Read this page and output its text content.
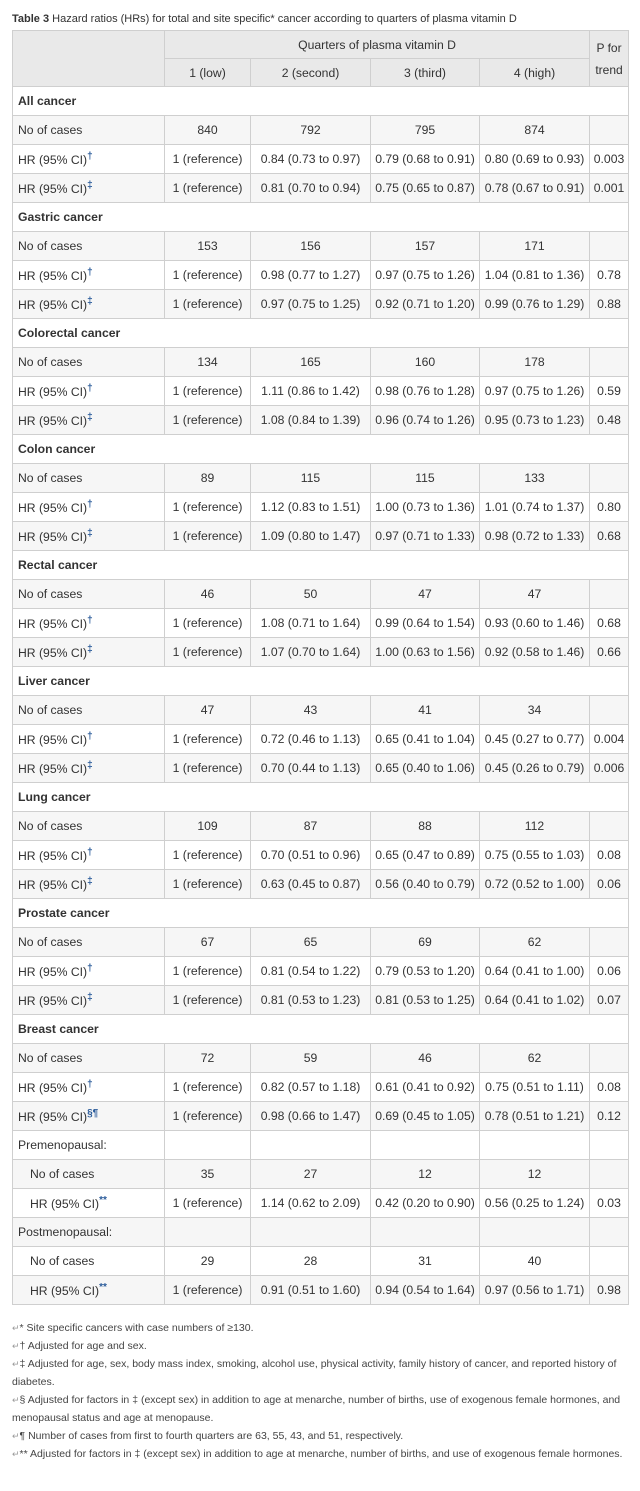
Table 3 Hazard ratios (HRs) for total and site specific* cancer according to quarters of plasma vitamin D
	Quarters of plasma vitamin D				P for trend
	1 (low)	2 (second)	3 (third)	4 (high)	
All cancer					
No of cases	840	792	795	874	
HR (95% CI)†	1 (reference)	0.84 (0.73 to 0.97)	0.79 (0.68 to 0.91)	0.80 (0.69 to 0.93)	0.003
HR (95% CI)‡	1 (reference)	0.81 (0.70 to 0.94)	0.75 (0.65 to 0.87)	0.78 (0.67 to 0.91)	0.001
Gastric cancer					
No of cases	153	156	157	171	
HR (95% CI)†	1 (reference)	0.98 (0.77 to 1.27)	0.97 (0.75 to 1.26)	1.04 (0.81 to 1.36)	0.78
HR (95% CI)‡	1 (reference)	0.97 (0.75 to 1.25)	0.92 (0.71 to 1.20)	0.99 (0.76 to 1.29)	0.88
Colorectal cancer					
No of cases	134	165	160	178	
HR (95% CI)†	1 (reference)	1.11 (0.86 to 1.42)	0.98 (0.76 to 1.28)	0.97 (0.75 to 1.26)	0.59
HR (95% CI)‡	1 (reference)	1.08 (0.84 to 1.39)	0.96 (0.74 to 1.26)	0.95 (0.73 to 1.23)	0.48
Colon cancer					
No of cases	89	115	115	133	
HR (95% CI)†	1 (reference)	1.12 (0.83 to 1.51)	1.00 (0.73 to 1.36)	1.01 (0.74 to 1.37)	0.80
HR (95% CI)‡	1 (reference)	1.09 (0.80 to 1.47)	0.97 (0.71 to 1.33)	0.98 (0.72 to 1.33)	0.68
Rectal cancer					
No of cases	46	50	47	47	
HR (95% CI)†	1 (reference)	1.08 (0.71 to 1.64)	0.99 (0.64 to 1.54)	0.93 (0.60 to 1.46)	0.68
HR (95% CI)‡	1 (reference)	1.07 (0.70 to 1.64)	1.00 (0.63 to 1.56)	0.92 (0.58 to 1.46)	0.66
Liver cancer					
No of cases	47	43	41	34	
HR (95% CI)†	1 (reference)	0.72 (0.46 to 1.13)	0.65 (0.41 to 1.04)	0.45 (0.27 to 0.77)	0.004
HR (95% CI)‡	1 (reference)	0.70 (0.44 to 1.13)	0.65 (0.40 to 1.06)	0.45 (0.26 to 0.79)	0.006
Lung cancer					
No of cases	109	87	88	112	
HR (95% CI)†	1 (reference)	0.70 (0.51 to 0.96)	0.65 (0.47 to 0.89)	0.75 (0.55 to 1.03)	0.08
HR (95% CI)‡	1 (reference)	0.63 (0.45 to 0.87)	0.56 (0.40 to 0.79)	0.72 (0.52 to 1.00)	0.06
Prostate cancer					
No of cases	67	65	69	62	
HR (95% CI)†	1 (reference)	0.81 (0.54 to 1.22)	0.79 (0.53 to 1.20)	0.64 (0.41 to 1.00)	0.06
HR (95% CI)‡	1 (reference)	0.81 (0.53 to 1.23)	0.81 (0.53 to 1.25)	0.64 (0.41 to 1.02)	0.07
Breast cancer					
No of cases	72	59	46	62	
HR (95% CI)†	1 (reference)	0.82 (0.57 to 1.18)	0.61 (0.41 to 0.92)	0.75 (0.51 to 1.11)	0.08
HR (95% CI)§¶	1 (reference)	0.98 (0.66 to 1.47)	0.69 (0.45 to 1.05)	0.78 (0.51 to 1.21)	0.12
Premenopausal:					
No of cases	35	27	12	12	
HR (95% CI)**	1 (reference)	1.14 (0.62 to 2.09)	0.42 (0.20 to 0.90)	0.56 (0.25 to 1.24)	0.03
Postmenopausal:					
No of cases	29	28	31	40	
HR (95% CI)**	1 (reference)	0.91 (0.51 to 1.60)	0.94 (0.54 to 1.64)	0.97 (0.56 to 1.71)	0.98

↵* Site specific cancers with case numbers of ≥130.

↵† Adjusted for age and sex.

↵‡ Adjusted for age, sex, body mass index, smoking, alcohol use, physical activity, family history of cancer, and reported history of diabetes.

↵§ Adjusted for factors in ‡ (except sex) in addition to age at menarche, number of births, use of exogenous female hormones, and menopausal status and age at menopause.

↵¶ Number of cases from first to fourth quarters are 63, 55, 43, and 51, respectively.

↵** Adjusted for factors in ‡ (except sex) in addition to age at menarche, number of births, and use of exogenous female hormones.
